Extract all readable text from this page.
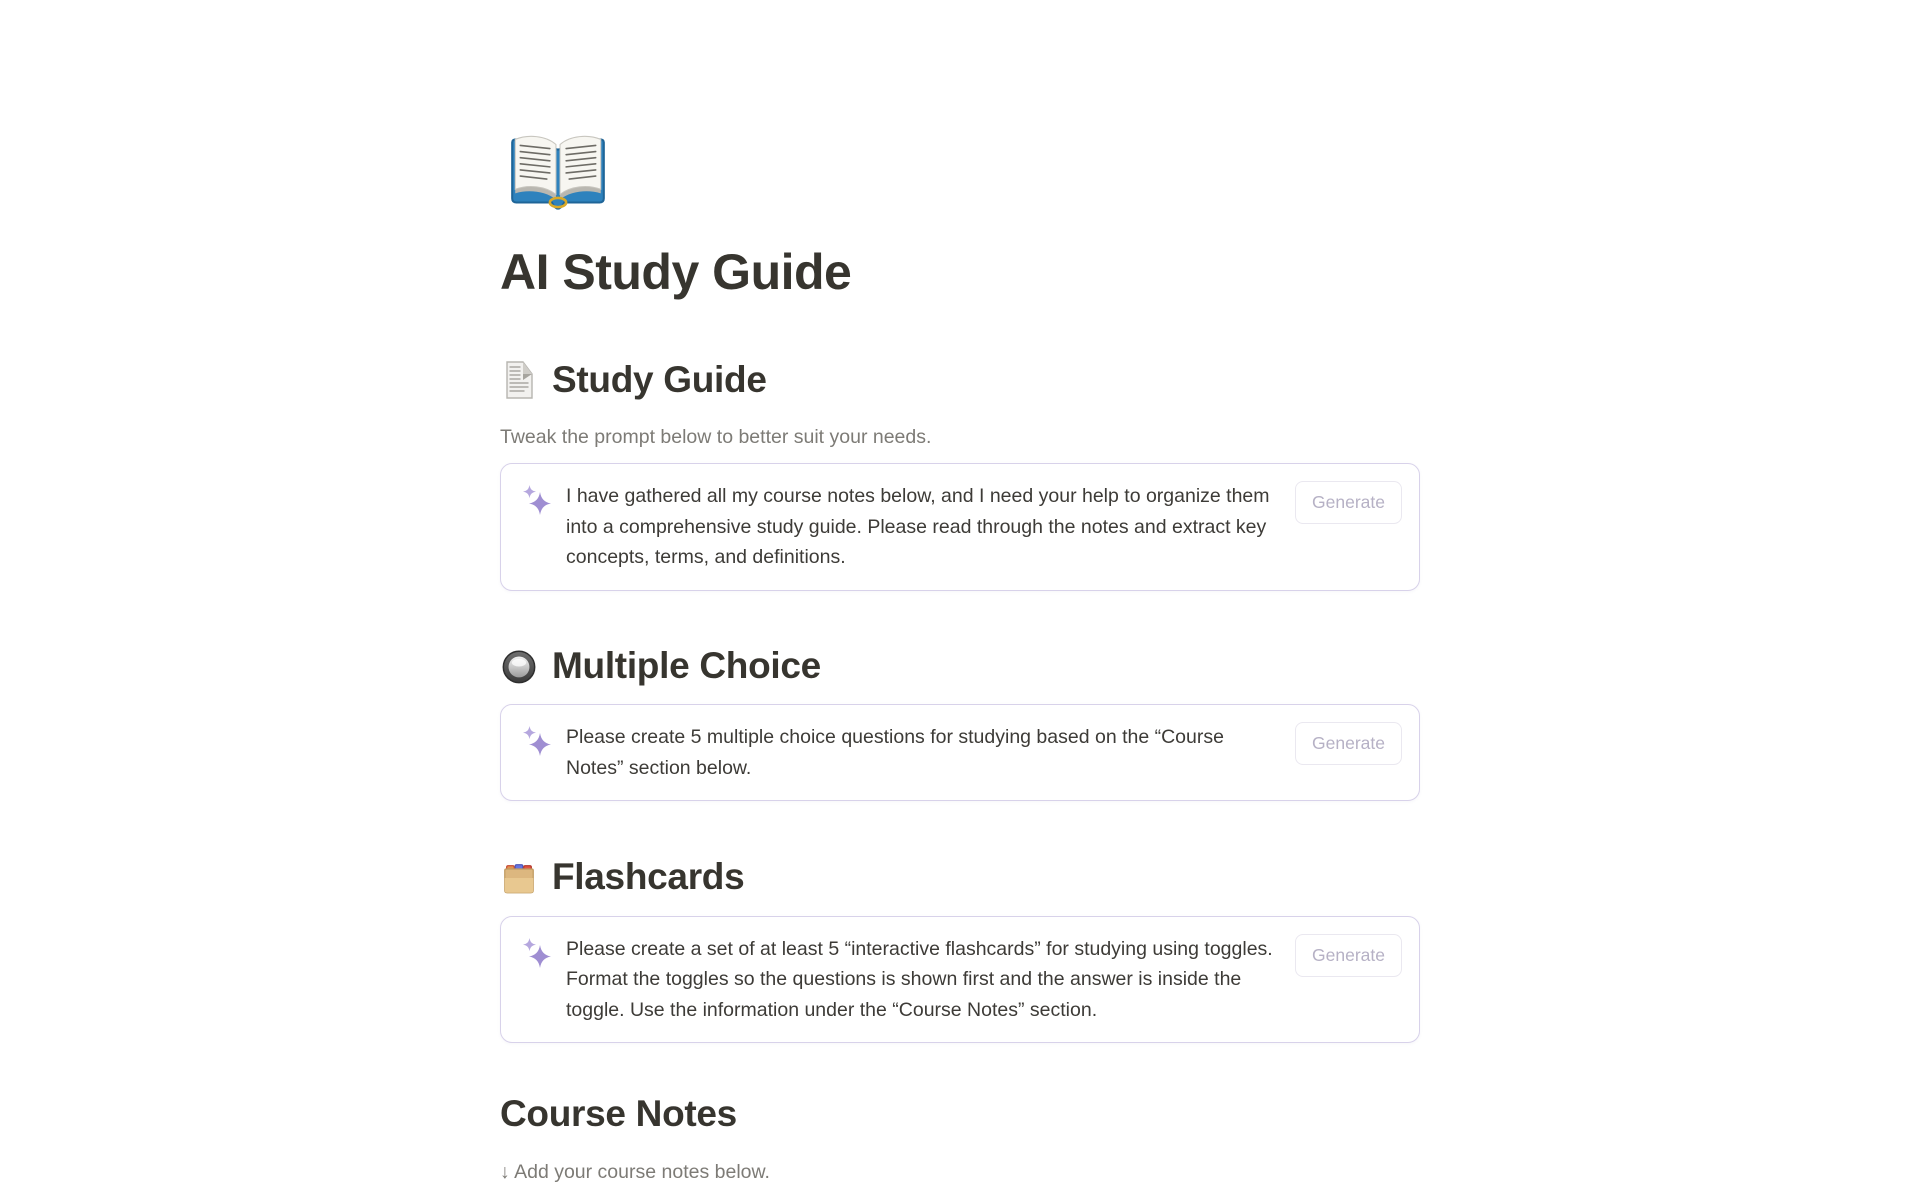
AI Study Guide
Study Guide

Tweak the prompt below to better suit your needs.

I have gathered all my course notes below, and I need your help to organize them into a comprehensive study guide. Please read through the notes and extract key concepts, terms, and definitions.
Generate
Multiple Choice
Please create 5 multiple choice questions for studying based on the “Course Notes” section below.
Generate
Flashcards
Please create a set of at least 5 “interactive flashcards” for studying using toggles. Format the toggles so the questions is shown first and the answer is inside the toggle. Use the information under the “Course Notes” section.
Generate
Course Notes

↓ Add your course notes below.
